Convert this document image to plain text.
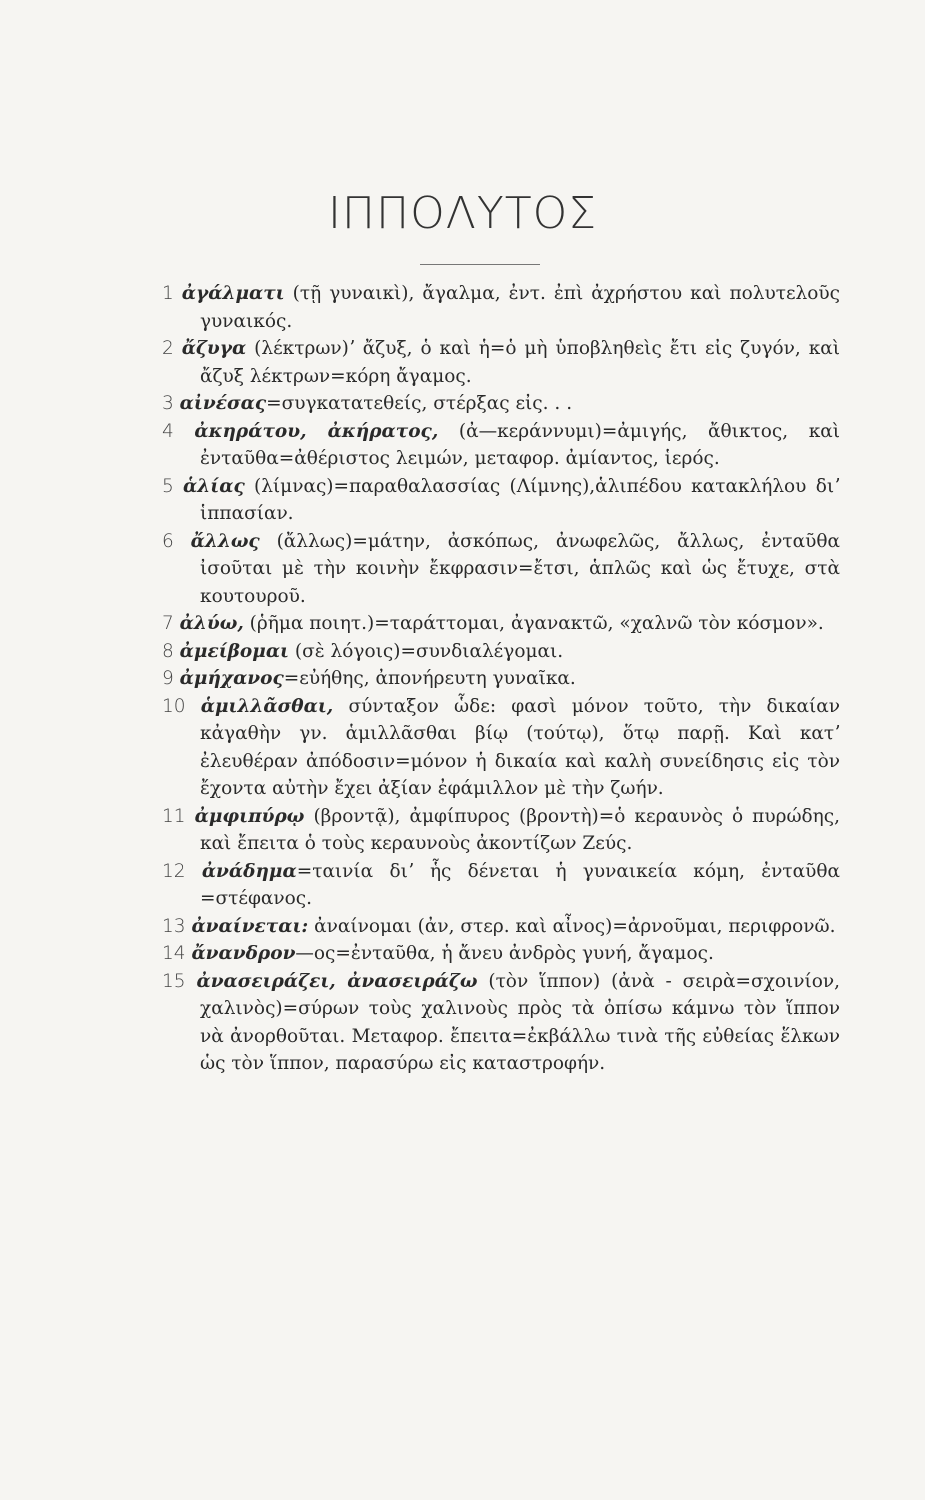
ΙΠΠΟΛΥΤΟΣ

1 ἀγάλματι (τῇ γυναικὶ), ἄγαλμα, ἐντ. ἐπὶ ἀχρήστου καὶ πολυτελοῦς γυναικός.

2 ἄζυγα (λέκτρων)ʼ ἄζυξ, ὁ καὶ ἡ=ὁ μὴ ὑποβληθεὶς ἔτι εἰς ζυγόν, καὶ ἄζυξ λέκτρων=κόρη ἄγαμος.

3 αἰνέσας=συγκατατεθείς, στέρξας εἰς. . .

4 ἀκηράτου, ἀκήρατος, (ἀ—κεράννυμι)=ἀμιγής, ἄθικτος, καὶ ἐνταῦθα=ἀθέριστος λειμών, μεταφορ. ἀμίαντος, ἱερός.

5 ἁλίας (λίμνας)=παραθαλασσίας (Λίμνης),ἁλιπέδου κατακλήλου διʼ ἱππασίαν.

6 ἄλλως (ἄλλως)=μάτην, ἀσκόπως, ἀνωφελῶς, ἄλλως, ἐνταῦθα ἰσοῦται μὲ τὴν κοινὴν ἔκφρασιν=ἔτσι, ἁπλῶς καὶ ὡς ἔτυχε, στὰ κουτουροῦ.

7 ἀλύω, (ῥῆμα ποιητ.)=ταράττομαι, ἀγανακτῶ, «χαλνῶ τὸν κόσμον».

8 ἀμείβομαι (σὲ λόγοις)=συνδιαλέγομαι.

9 ἀμήχανος=εὐήθης, ἀπονήρευτη γυναῖκα.

10 ἁμιλλᾶσθαι, σύνταξον ὧδε: φασὶ μόνον τοῦτο, τὴν δικαίαν κἀγαθὴν γν. ἁμιλλᾶσθαι βίῳ (τούτῳ), ὅτῳ παρῇ. Καὶ κατʼ ἐλευθέραν ἀπόδοσιν=μόνον ἡ δικαία καὶ καλὴ συνείδησις εἰς τὸν ἔχοντα αὐτὴν ἔχει ἀξίαν ἐφάμιλλον μὲ τὴν ζωήν.

11 ἀμφιπύρῳ (βροντᾷ), ἀμφίπυρος (βροντὴ)=ὁ κεραυνὸς ὁ πυρώδης, καὶ ἔπειτα ὁ τοὺς κεραυνοὺς ἀκοντίζων Ζεύς.

12 ἀνάδημα=ταινία διʼ ἧς δένεται ἡ γυναικεία κόμη, ἐνταῦθα =στέφανος.

13 ἀναίνεται: ἀναίνομαι (ἀν, στερ. καὶ αἶνος)=ἀρνοῦμαι, περιφρονῶ.

14 ἄνανδρον—ος=ἐνταῦθα, ἡ ἄνευ ἀνδρὸς γυνή, ἄγαμος.

15 ἀνασειράζει, ἀνασειράζω (τὸν ἵππον) (ἀνὰ - σειρὰ=σχοινίον, χαλινὸς)=σύρων τοὺς χαλινοὺς πρὸς τὰ ὀπίσω κάμνω τὸν ἵππον νὰ ἀνορθοῦται. Μεταφορ. ἔπειτα=ἐκβάλλω τινὰ τῆς εὐθείας ἕλκων ὡς τὸν ἵππον, παρασύρω εἰς καταστροφήν.
